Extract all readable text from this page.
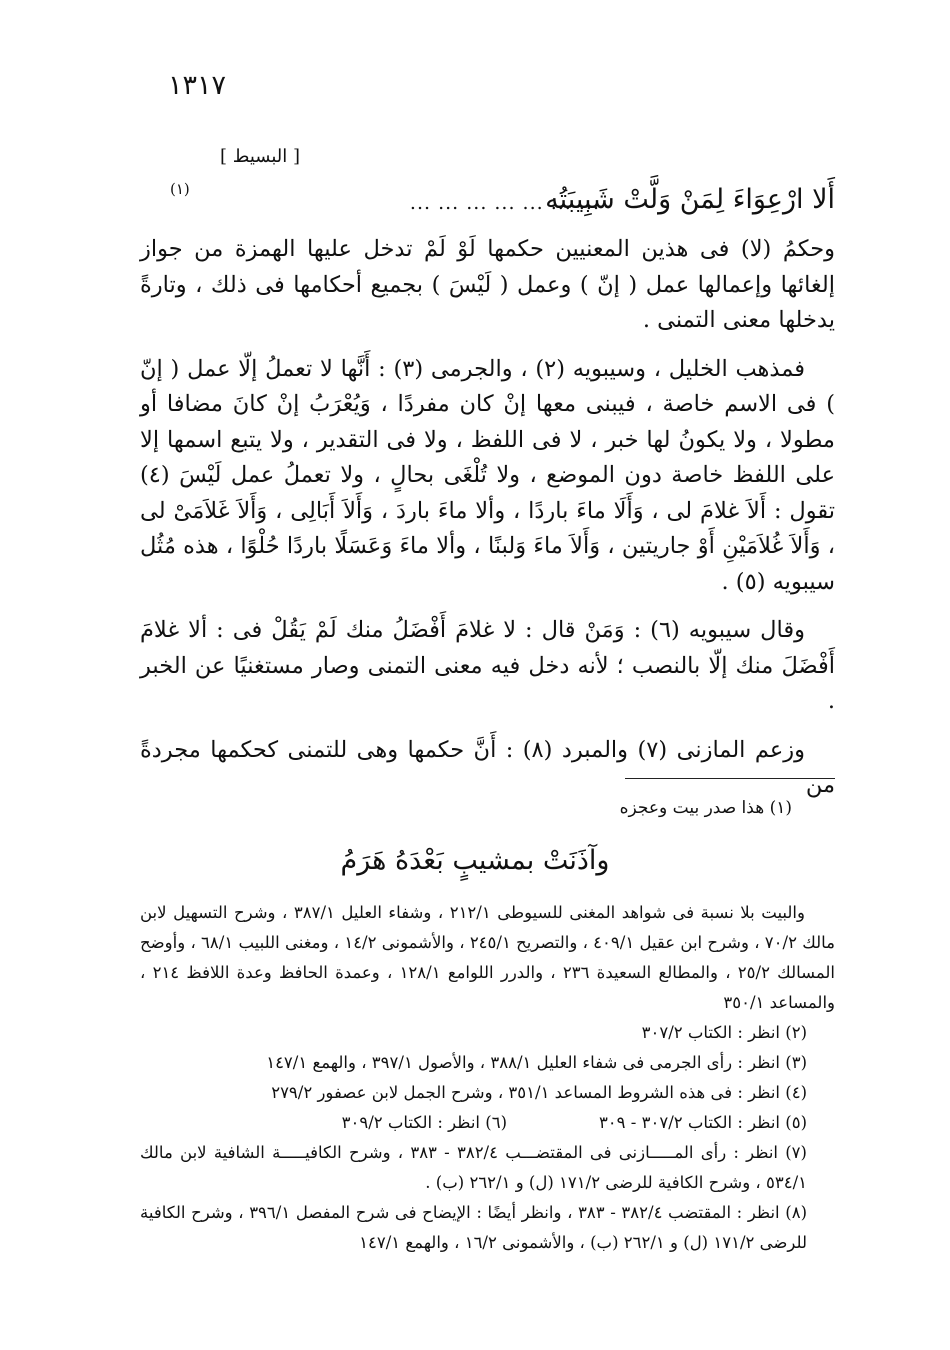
١٣١٧
[ البسيط ]
أَلا ارْعِوَاءَ لِمَنْ وَلَّتْ شَبِيبَتُه
... ... ... ... ... ... ...
(١)

وحكمُ (لا) فى هذين المعنيين حكمها لَوْ لَمْ تدخل عليها الهمزة من جواز إلغائها وإعمالها عمل ( إنّ ) وعمل ( لَيْسَ ) بجميع أحكامها فى ذلك ، وتارةً يدخلها معنى التمنى .

فمذهب الخليل ، وسيبويه (٢) ، والجرمى (٣) : أَنَّها لا تعملُ إلّا عمل ( إنّ ) فى الاسم خاصة ، فيبنى معها إنْ كان مفردًا ، وَيُعْرَبُ إنْ كانَ مضافا أو مطولا ، ولا يكونُ لها خبر ، لا فى اللفظ ، ولا فى التقدير ، ولا يتبع اسمها إلا على اللفظ خاصة دون الموضع ، ولا تُلْغَى بحالٍ ، ولا تعملُ عمل لَيْسَ (٤) تقول : أَلاَ غلامَ لى ، وَأَلَا ماءَ باردًا ، وألا ماءَ باردَ ، وَأَلاَ أَبَالِى ، وَأَلاَ غَلاَمَىْ لى ، وَأَلاَ غُلاَمَيْنِ أَوْ جاريتين ، وَأَلاَ ماءَ وَلبنًا ، وألا ماءَ وَعَسَلًا باردًا حُلْوًا ، هذه مُثُل سيبويه (٥) .

وقال سيبويه (٦) : وَمَنْ قال : لا غلامَ أَفْضَلُ منك لَمْ يَقُلْ فى : ألا غلامَ أَفْضَلَ منك إلّا بالنصب ؛ لأنه دخل فيه معنى التمنى وصار مستغنيًا عن الخبر .

وزعم المازنى (٧) والمبرد (٨) : أَنَّ حكمها وهى للتمنى كحكمها مجردةً من

(١) هذا صدر بيت وعجزه
وآذَنَتْ بمشيبٍ بَعْدَهُ هَرَمُ

والبيت بلا نسبة فى شواهد المغنى للسيوطى ٢١٢/١ ، وشفاء العليل ٣٨٧/١ ، وشرح التسهيل لابن مالك ٧٠/٢ ، وشرح ابن عقيل ٤٠٩/١ ، والتصريح ٢٤٥/١ ، والأشمونى ١٤/٢ ، ومغنى اللبيب ٦٨/١ ، وأوضح المسالك ٢٥/٢ ، والمطالع السعيدة ٢٣٦ ، والدرر اللوامع ١٢٨/١ ، وعمدة الحافظ وعدة اللافظ ٢١٤ ، والمساعد ٣٥٠/١

(٢) انظر : الكتاب ٣٠٧/٢

(٣) انظر : رأى الجرمى فى شفاء العليل ٣٨٨/١ ، والأصول ٣٩٧/١ ، والهمع ١٤٧/١

(٤) انظر : فى هذه الشروط المساعد ٣٥١/١ ، وشرح الجمل لابن عصفور ٢٧٩/٢

(٥) انظر : الكتاب ٣٠٧/٢ - ٣٠٩
(٦) انظر : الكتاب ٣٠٩/٢

(٧) انظر : رأى المـــــازنى فى المقتضـــب ٣٨٢/٤ - ٣٨٣ ، وشرح الكافيـــــة الشافية لابن مالك ٥٣٤/١ ، وشرح الكافية للرضى ١٧١/٢ (ل) و ٢٦٢/١ (ب) .

(٨) انظر : المقتضب ٣٨٢/٤ - ٣٨٣ ، وانظر أيضًا : الإيضاح فى شرح المفصل ٣٩٦/١ ، وشرح الكافية للرضى ١٧١/٢ (ل) و ٢٦٢/١ (ب) ، والأشمونى ١٦/٢ ، والهمع ١٤٧/١
